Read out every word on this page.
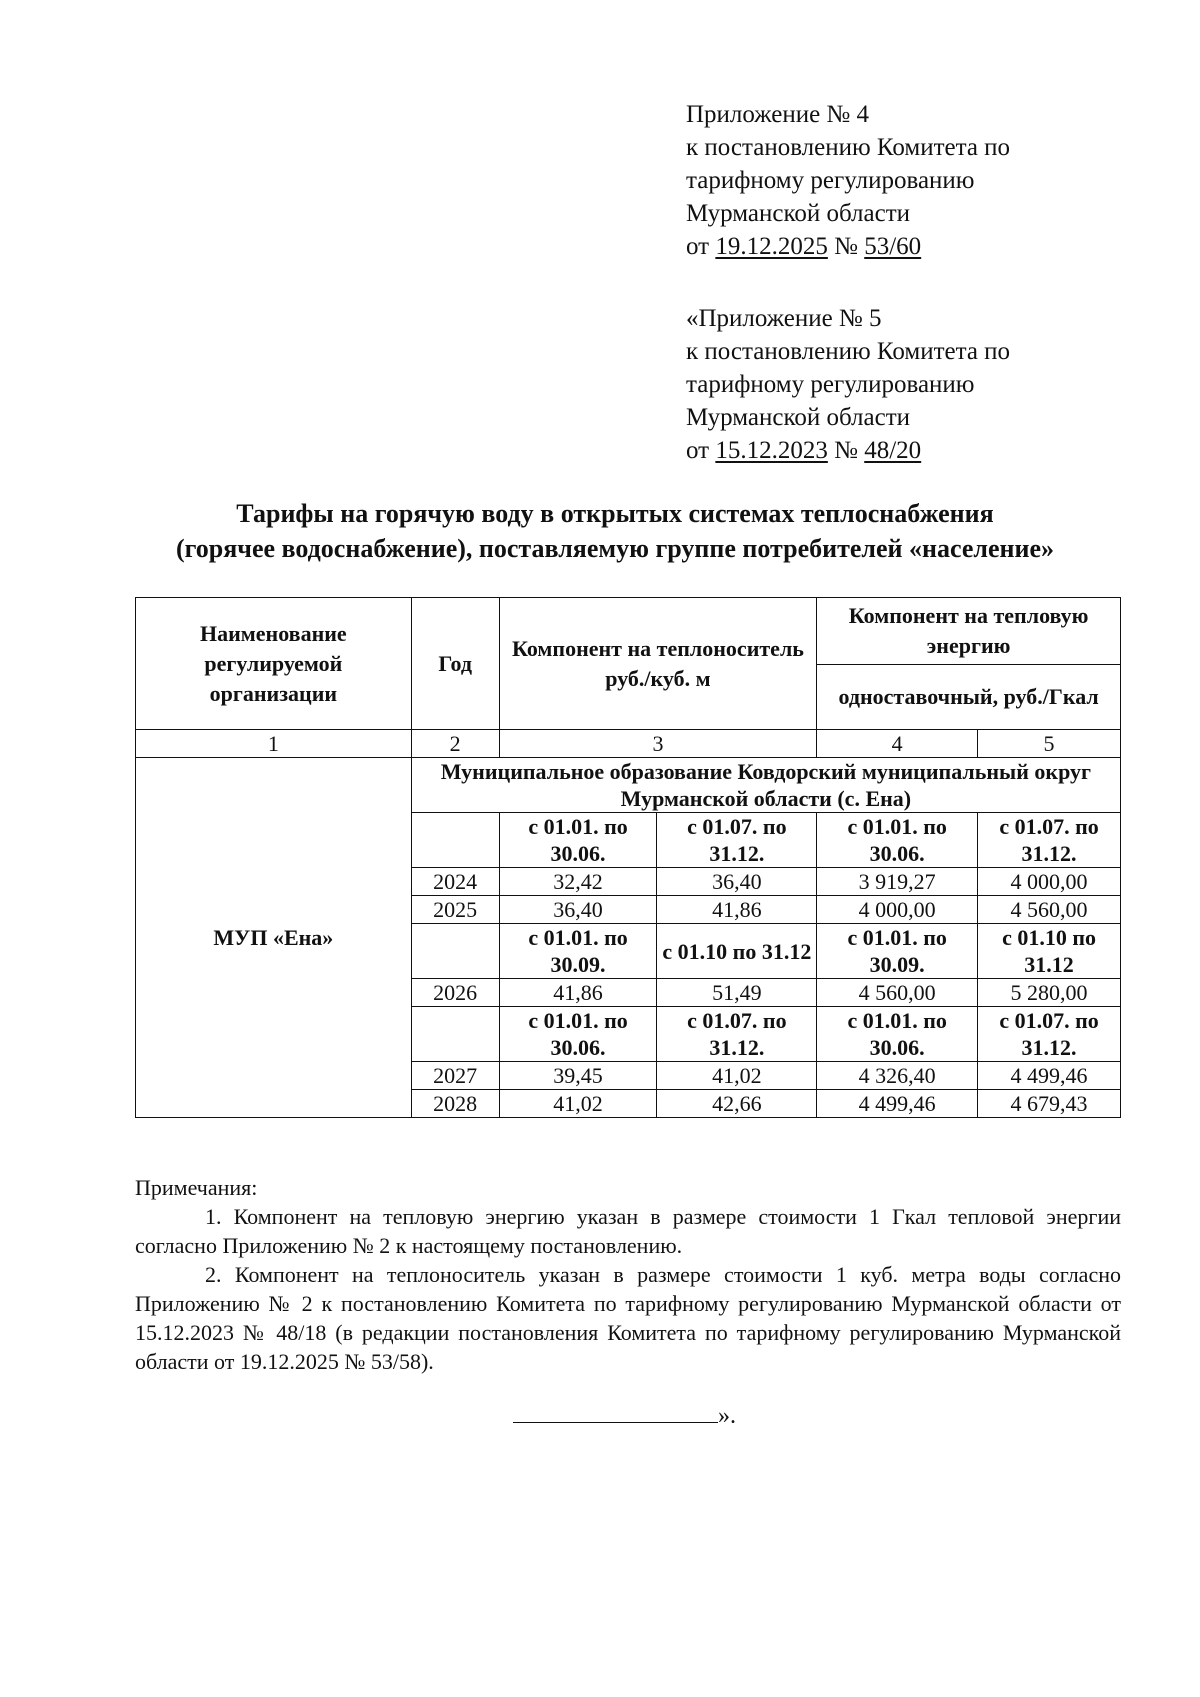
Приложение № 4
к постановлению Комитета по
тарифному регулированию
Мурманской области
от 19.12.2025 № 53/60
«Приложение № 5
к постановлению Комитета по
тарифному регулированию
Мурманской области
от 15.12.2023 № 48/20
Тарифы на горячую воду в открытых системах теплоснабжения
(горячее водоснабжение), поставляемую группе потребителей «население»
Наименование регулируемой организации	Год	Компонент на теплоноситель руб./куб. м		Компонент на тепловую энергию	
				одноставочный, руб./Гкал	
1	2	3		4	5
МУП «Ена»	Муниципальное образование Ковдорский муниципальный округ Мурманской области (с. Ена)				
		с 01.01. по 30.06.	с 01.07. по 31.12.	с 01.01. по 30.06.	с 01.07. по 31.12.
	2024	32,42	36,40	3 919,27	4 000,00
	2025	36,40	41,86	4 000,00	4 560,00
		с 01.01. по 30.09.	с 01.10 по 31.12	с 01.01. по 30.09.	с 01.10 по 31.12
	2026	41,86	51,49	4 560,00	5 280,00
		с 01.01. по 30.06.	с 01.07. по 31.12.	с 01.01. по 30.06.	с 01.07. по 31.12.
	2027	39,45	41,02	4 326,40	4 499,46
	2028	41,02	42,66	4 499,46	4 679,43

Примечания:

1. Компонент на тепловую энергию указан в размере стоимости 1 Гкал тепловой энергии согласно Приложению № 2 к настоящему постановлению.

2. Компонент на теплоноситель указан в размере стоимости 1 куб. метра воды согласно Приложению № 2 к постановлению Комитета по тарифному регулированию Мурманской области от 15.12.2023 № 48/18 (в редакции постановления Комитета по тарифному регулированию Мурманской области от 19.12.2025 № 53/58).

».
